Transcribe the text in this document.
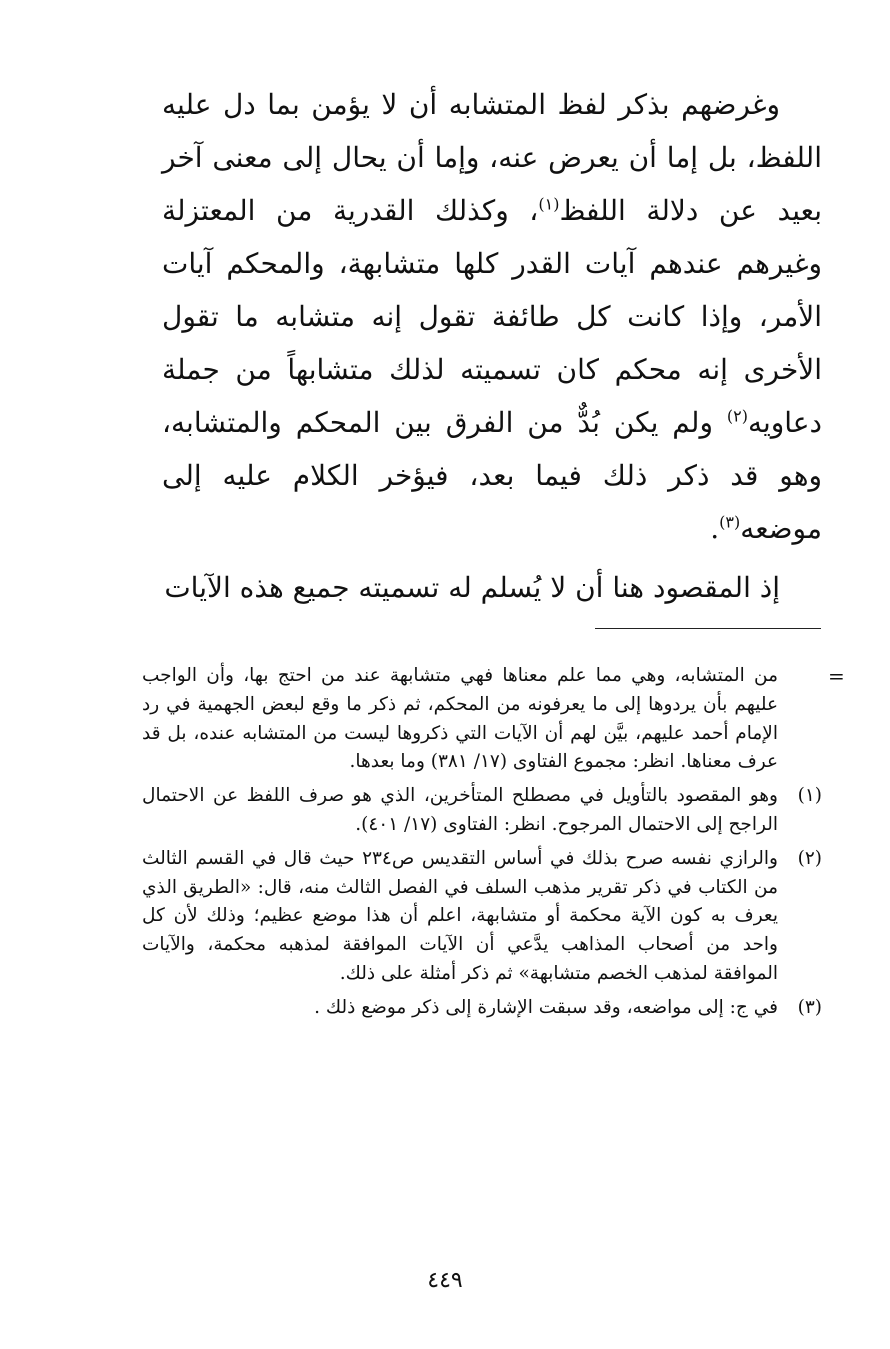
وغرضهم بذكر لفظ المتشابه أن لا يؤمن بما دل عليه اللفظ، بل إما أن يعرض عنه، وإما أن يحال إلى معنى آخر بعيد عن دلالة اللفظ$^{(١)}$، وكذلك القدرية من المعتزلة وغيرهم عندهم آيات القدر كلها متشابهة، والمحكم آيات الأمر، وإذا كانت كل طائفة تقول إنه متشابه ما تقول الأخرى إنه محكم كان تسميته لذلك متشابهاً من جملة دعاويه$^{(٢)}$ ولم يكن بُدٌّ من الفرق بين المحكم والمتشابه، وهو قد ذكر ذلك فيما بعد، فيؤخر الكلام عليه إلى موضعه$^{(٣)}$.

إذ المقصود هنا أن لا يُسلم له تسميته جميع هذه الآيات

=
من المتشابه، وهي مما علم معناها فهي متشابهة عند من احتج بها، وأن الواجب عليهم بأن يردوها إلى ما يعرفونه من المحكم، ثم ذكر ما وقع لبعض الجهمية في رد الإمام أحمد عليهم، بيَّن لهم أن الآيات التي ذكروها ليست من المتشابه عنده، بل قد عرف معناها. انظر: مجموع الفتاوى (١٧/ ٣٨١) وما بعدها.
(١)
وهو المقصود بالتأويل في مصطلح المتأخرين، الذي هو صرف اللفظ عن الاحتمال الراجح إلى الاحتمال المرجوح. انظر: الفتاوى (١٧/ ٤٠١).
(٢)
والرازي نفسه صرح بذلك في أساس التقديس ص٢٣٤ حيث قال في القسم الثالث من الكتاب في ذكر تقرير مذهب السلف في الفصل الثالث منه، قال: «الطريق الذي يعرف به كون الآية محكمة أو متشابهة، اعلم أن هذا موضع عظيم؛ وذلك لأن كل واحد من أصحاب المذاهب يدَّعي أن الآيات الموافقة لمذهبه محكمة، والآيات الموافقة لمذهب الخصم متشابهة» ثم ذكر أمثلة على ذلك.
(٣)
في ج: إلى مواضعه، وقد سبقت الإشارة إلى ذكر موضع ذلك .
٤٤٩
